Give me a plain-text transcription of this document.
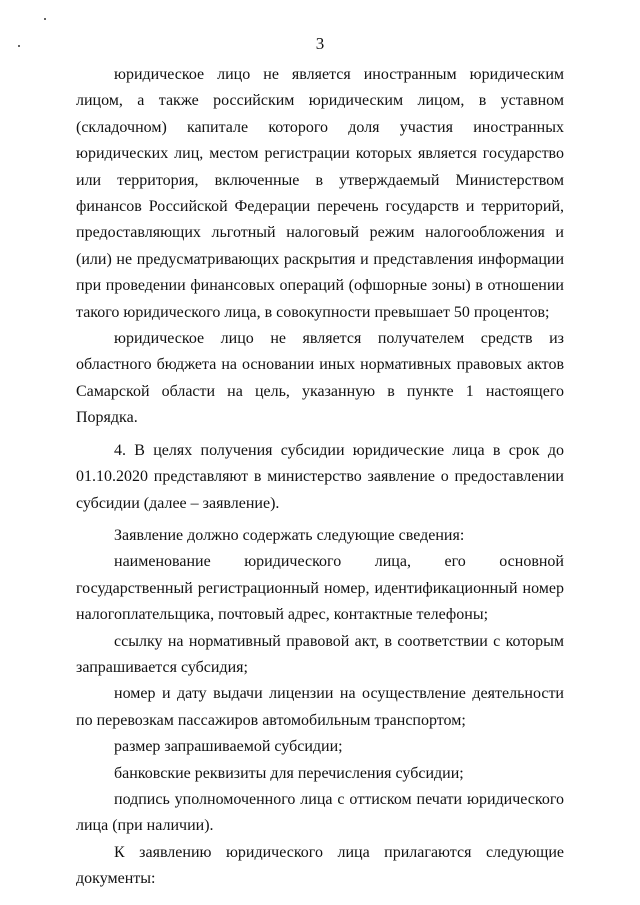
3

юридическое лицо не является иностранным юридическим лицом, а также российским юридическим лицом, в уставном (складочном) капитале которого доля участия иностранных юридических лиц, местом регистрации которых является государство или территория, включенные в утверждаемый Министерством финансов Российской Федерации перечень государств и территорий, предоставляющих льготный налоговый режим налогообложения и (или) не предусматривающих раскрытия и представления информации при проведении финансовых операций (офшорные зоны) в отношении такого юридического лица, в совокупности превышает 50 процентов;

юридическое лицо не является получателем средств из областного бюджета на основании иных нормативных правовых актов Самарской области на цель, указанную в пункте 1 настоящего Порядка.

4. В целях получения субсидии юридические лица в срок до 01.10.2020 представляют в министерство заявление о предоставлении субсидии (далее – заявление).

Заявление должно содержать следующие сведения:

наименование юридического лица, его основной государственный регистрационный номер, идентификационный номер налогоплательщика, почтовый адрес, контактные телефоны;

ссылку на нормативный правовой акт, в соответствии с которым запрашивается субсидия;

номер и дату выдачи лицензии на осуществление деятельности по перевозкам пассажиров автомобильным транспортом;

размер запрашиваемой субсидии;

банковские реквизиты для перечисления субсидии;

подпись уполномоченного лица с оттиском печати юридического лица (при наличии).

К заявлению юридического лица прилагаются следующие документы:
